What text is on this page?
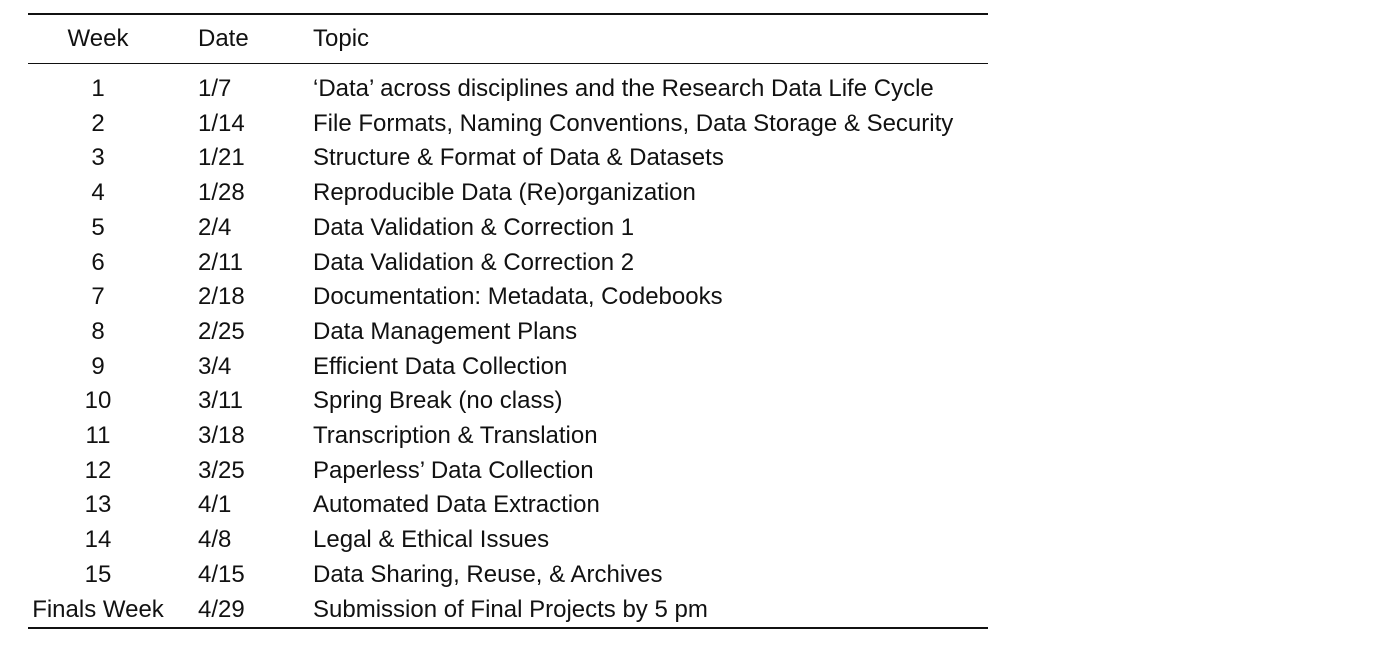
Week	Date	Topic
1	1/7	‘Data’ across disciplines and the Research Data Life Cycle
2	1/14	File Formats, Naming Conventions, Data Storage & Security
3	1/21	Structure & Format of Data & Datasets
4	1/28	Reproducible Data (Re)organization
5	2/4	Data Validation & Correction 1
6	2/11	Data Validation & Correction 2
7	2/18	Documentation: Metadata, Codebooks
8	2/25	Data Management Plans
9	3/4	Efficient Data Collection
10	3/11	Spring Break (no class)
11	3/18	Transcription & Translation
12	3/25	Paperless’ Data Collection
13	4/1	Automated Data Extraction
14	4/8	Legal & Ethical Issues
15	4/15	Data Sharing, Reuse, & Archives
Finals Week	4/29	Submission of Final Projects by 5 pm
